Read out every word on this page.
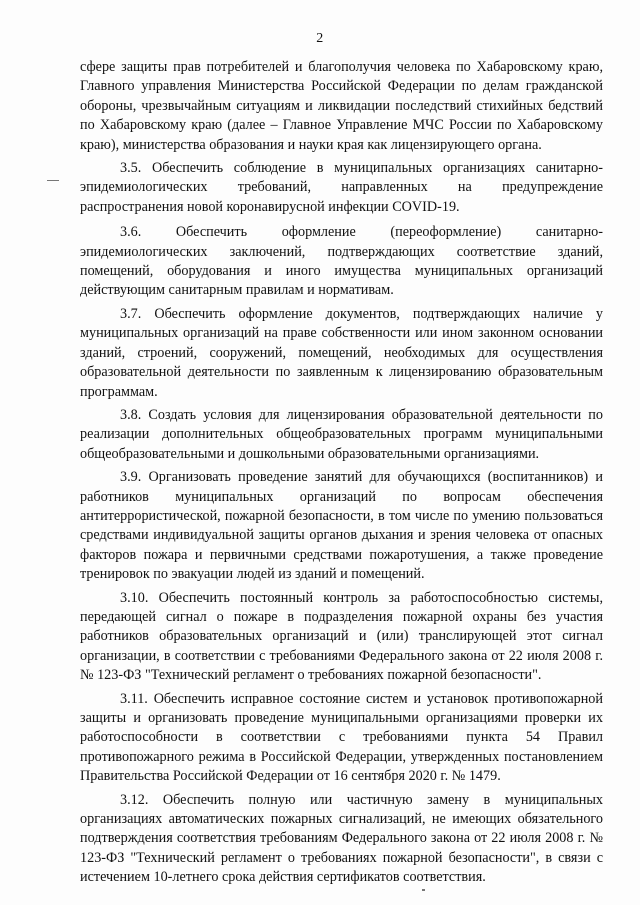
2

сфере защиты прав потребителей и благополучия человека по Хабаровскому краю, Главного управления Министерства Российской Федерации по делам гражданской обороны, чрезвычайным ситуациям и ликвидации последствий стихийных бедствий по Хабаровскому краю (далее – Главное Управление МЧС России по Хабаровскому краю), министерства образования и науки края как лицензирующего органа.

3.5. Обеспечить соблюдение в муниципальных организациях санитарно-эпидемиологических требований, направленных на предупреждение распространения новой коронавирусной инфекции COVID-19.

3.6. Обеспечить оформление (переоформление) санитарно-эпидемиологических заключений, подтверждающих соответствие зданий, помещений, оборудования и иного имущества муниципальных организаций действующим санитарным правилам и нормативам.

3.7. Обеспечить оформление документов, подтверждающих наличие у муниципальных организаций на праве собственности или ином законном основании зданий, строений, сооружений, помещений, необходимых для осуществления образовательной деятельности по заявленным к лицензированию образовательным программам.

3.8. Создать условия для лицензирования образовательной деятельности по реализации дополнительных общеобразовательных программ муниципальными общеобразовательными и дошкольными образовательными организациями.

3.9. Организовать проведение занятий для обучающихся (воспитанников) и работников муниципальных организаций по вопросам обеспечения антитеррористической, пожарной безопасности, в том числе по умению пользоваться средствами индивидуальной защиты органов дыхания и зрения человека от опасных факторов пожара и первичными средствами пожаротушения, а также проведение тренировок по эвакуации людей из зданий и помещений.

3.10. Обеспечить постоянный контроль за работоспособностью системы, передающей сигнал о пожаре в подразделения пожарной охраны без участия работников образовательных организаций и (или) транслирующей этот сигнал организации, в соответствии с требованиями Федерального закона от 22 июля 2008 г. № 123-ФЗ "Технический регламент о требованиях пожарной безопасности".

3.11. Обеспечить исправное состояние систем и установок противопожарной защиты и организовать проведение муниципальными организациями проверки их работоспособности в соответствии с требованиями пункта 54 Правил противопожарного режима в Российской Федерации, утвержденных постановлением Правительства Российской Федерации от 16 сентября 2020 г. № 1479.

3.12. Обеспечить полную или частичную замену в муниципальных организациях автоматических пожарных сигнализаций, не имеющих обязательного подтверждения соответствия требованиям Федерального закона от 22 июля 2008 г. № 123-ФЗ "Технический регламент о требованиях пожарной безопасности", в связи с истечением 10-летнего срока действия сертификатов соответствия.
